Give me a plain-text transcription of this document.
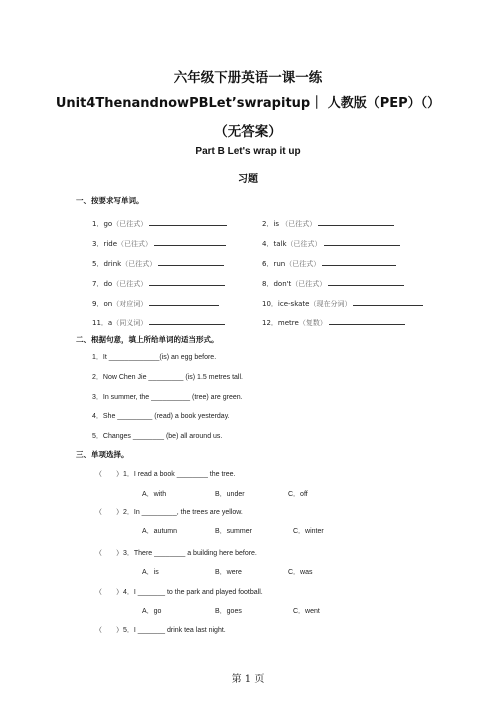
六年级下册英语一课一练
Unit4ThenandnowPBLet’swrapitup｜ 人教版（PEP）（）
（无答案）
Part B Let's wrap it up
习题
一、按要求写单词。
1．go（已往式）	2．is （已往式）
3．ride（已往式）	4．talk（已往式）
5．drink（已往式）	6．run（已往式）
7．do（已往式）	8．don't（已往式）
9．on（对应词）	10．ice-skate（现在分词）
11．a（同义词）	12．metre（复数）
二、根据句意，填上所给单词的适当形式。
1．It _____________(is) an egg before.
2．Now Chen Jie _________ (is) 1.5 metres tall.
3．In summer, the __________ (tree) are green.
4．She _________ (read) a book yesterday.
5．Changes ________ (be) all around us.
三、单项选择。
（　　）1．I read a book ________ the tree.
A．with	B．under	C．off
（　　）2．In _________, the trees are yellow.
A．autumn	B．summer	C．winter
（　　）3．There ________ a building here before.
A．is	B．were	C．was
（　　）4．I _______ to the park and played football.
A．go	B．goes	C．went
（　　）5．I _______ drink tea last night.
第 1 页
